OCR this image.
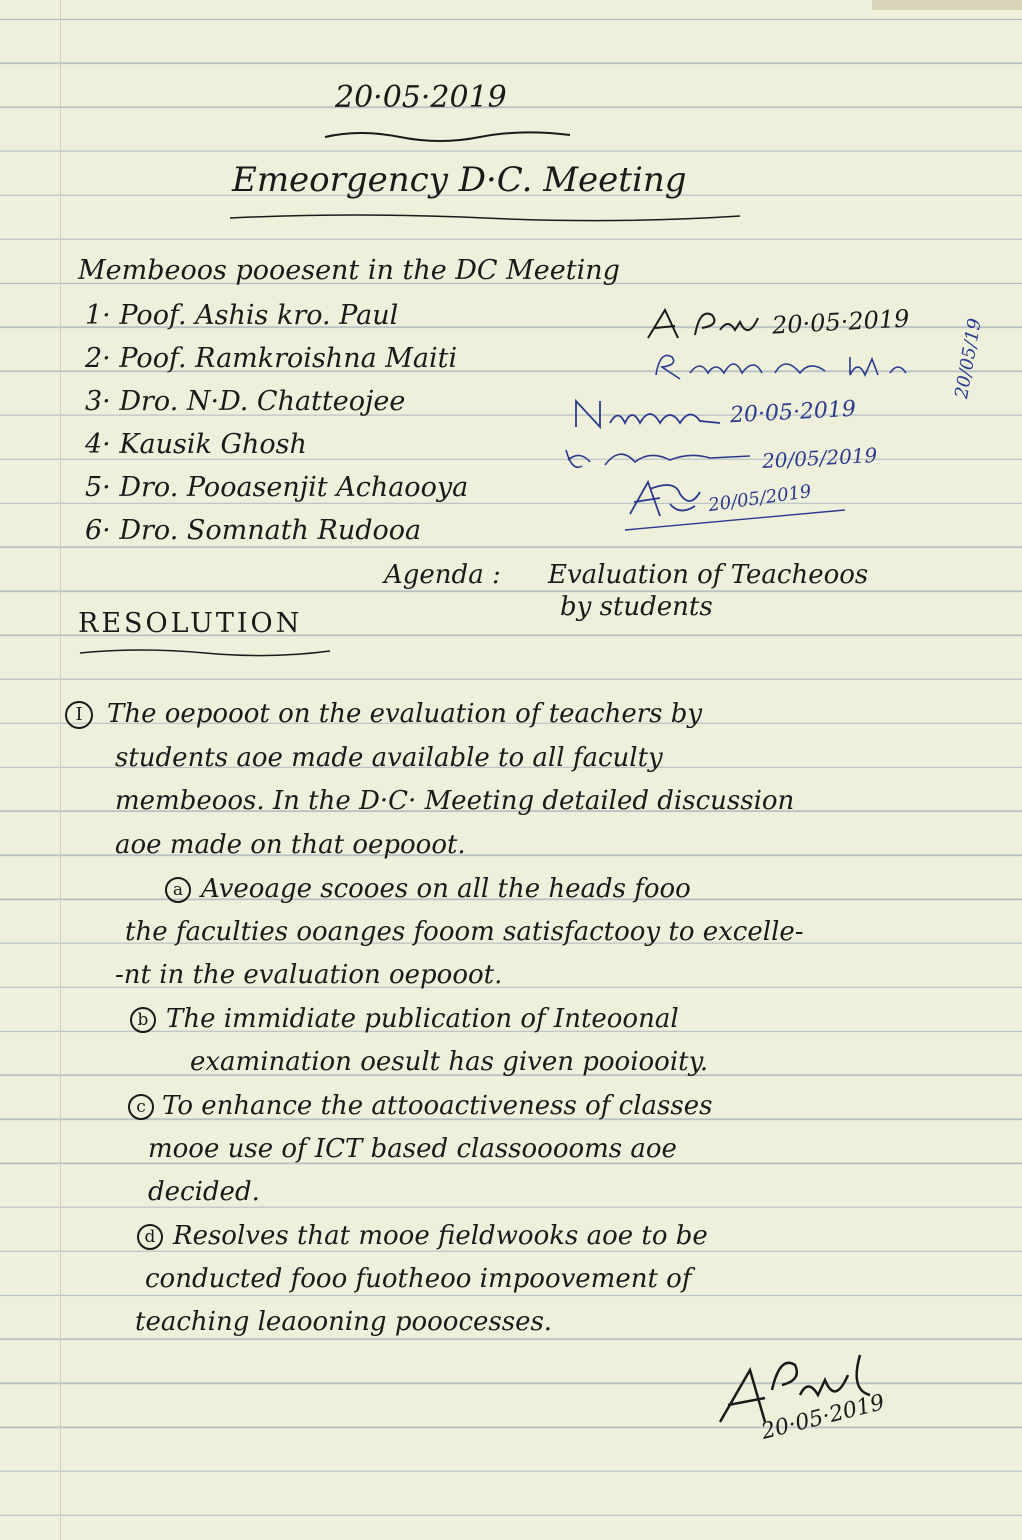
20·05·2019
Emeorgency D·C. Meeting
Membeoos pooesent in the DC Meeting
1· Poof. Ashis kro. Paul
2· Poof. Ramkroishna Maiti
3· Dro. N·D. Chatteojee
4· Kausik Ghosh
5· Dro. Pooasenjit Achaooya
6· Dro. Somnath Rudooa
20·05·2019 20/05/19
20·05·2019
20/05/2019
20/05/2019
Agenda : Evaluation of Teacheoos
by students
RESOLUTION
I The oepooot on the evaluation of teachers by
students aoe made available to all faculty
membeoos. In the D·C· Meeting detailed discussion
aoe made on that oepooot.
a Aveoage scooes on all the heads fooo
the faculties ooanges fooom satisfactooy to excelle-
-nt in the evaluation oepooot.
b The immidiate publication of Inteoonal
examination oesult has given pooiooity.
c To enhance the attooactiveness of classes
mooe use of ICT based classooooms aoe
decided.
d Resolves that mooe fieldwooks aoe to be
conducted fooo fuotheoo impoovement of
teaching leaooning pooocesses.
20·05·2019
